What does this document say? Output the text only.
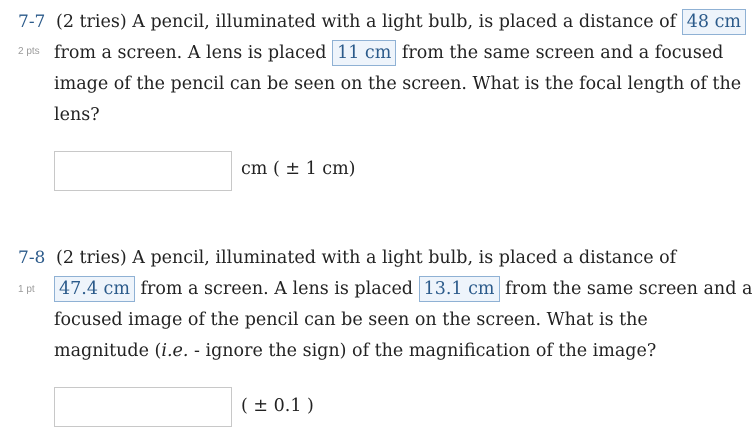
7-7
2 pts
(2 tries) A pencil, illuminated with a light bulb, is placed a distance of 48 cm
from a screen. A lens is placed 11 cm from the same screen and a focused
image of the pencil can be seen on the screen. What is the focal length of the
lens?
cm ( ± 1 cm)
7-8
1 pt
(2 tries) A pencil, illuminated with a light bulb, is placed a distance of
47.4 cm from a screen. A lens is placed 13.1 cm from the same screen and a
focused image of the pencil can be seen on the screen. What is the
magnitude (i.e. - ignore the sign) of the magnification of the image?
( ± 0.1 )
